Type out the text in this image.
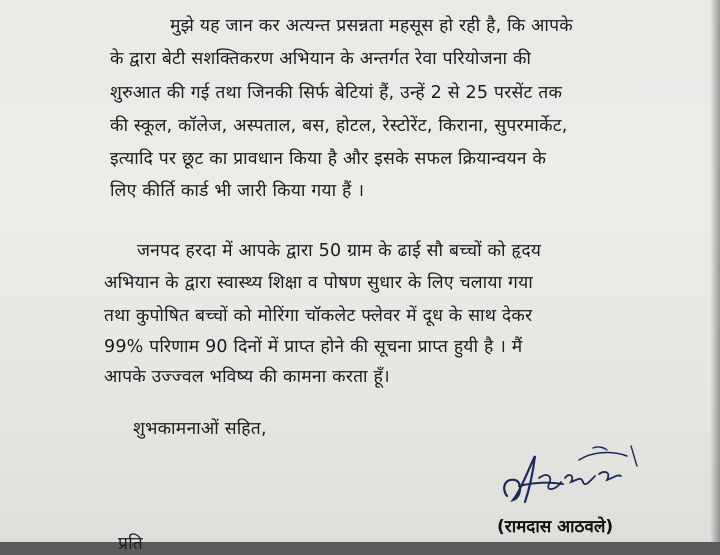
मुझे यह जान कर अत्यन्त प्रसन्नता महसूस हो रही है, कि आपके
के द्वारा बेटी सशक्तिकरण अभियान के अन्तर्गत रेवा परियोजना की
शुरुआत की गई तथा जिनकी सिर्फ बेटियां हैं, उन्हें 2 से 25 परसेंट तक
की स्कूल, कॉलेज, अस्पताल, बस, होटल, रेस्टोरेंट, किराना, सुपरमार्केट,
इत्यादि पर छूट का प्रावधान किया है और इसके सफल क्रियान्वयन के
लिए कीर्ति कार्ड भी जारी किया गया हैं ।
जनपद हरदा में आपके द्वारा 50 ग्राम के ढाई सौ बच्चों को हृदय
अभियान के द्वारा स्वास्थ्य शिक्षा व पोषण सुधार के लिए चलाया गया
तथा कुपोषित बच्चों को मोरिंगा चॉकलेट फ्लेवर में दूध के साथ देकर
99% परिणाम 90 दिनों में प्राप्त होने की सूचना प्राप्त हुयी है । मैं
आपके उज्ज्वल भविष्य की कामना करता हूँ।
शुभकामनाओं सहित,
(रामदास आठवले)
प्रति
